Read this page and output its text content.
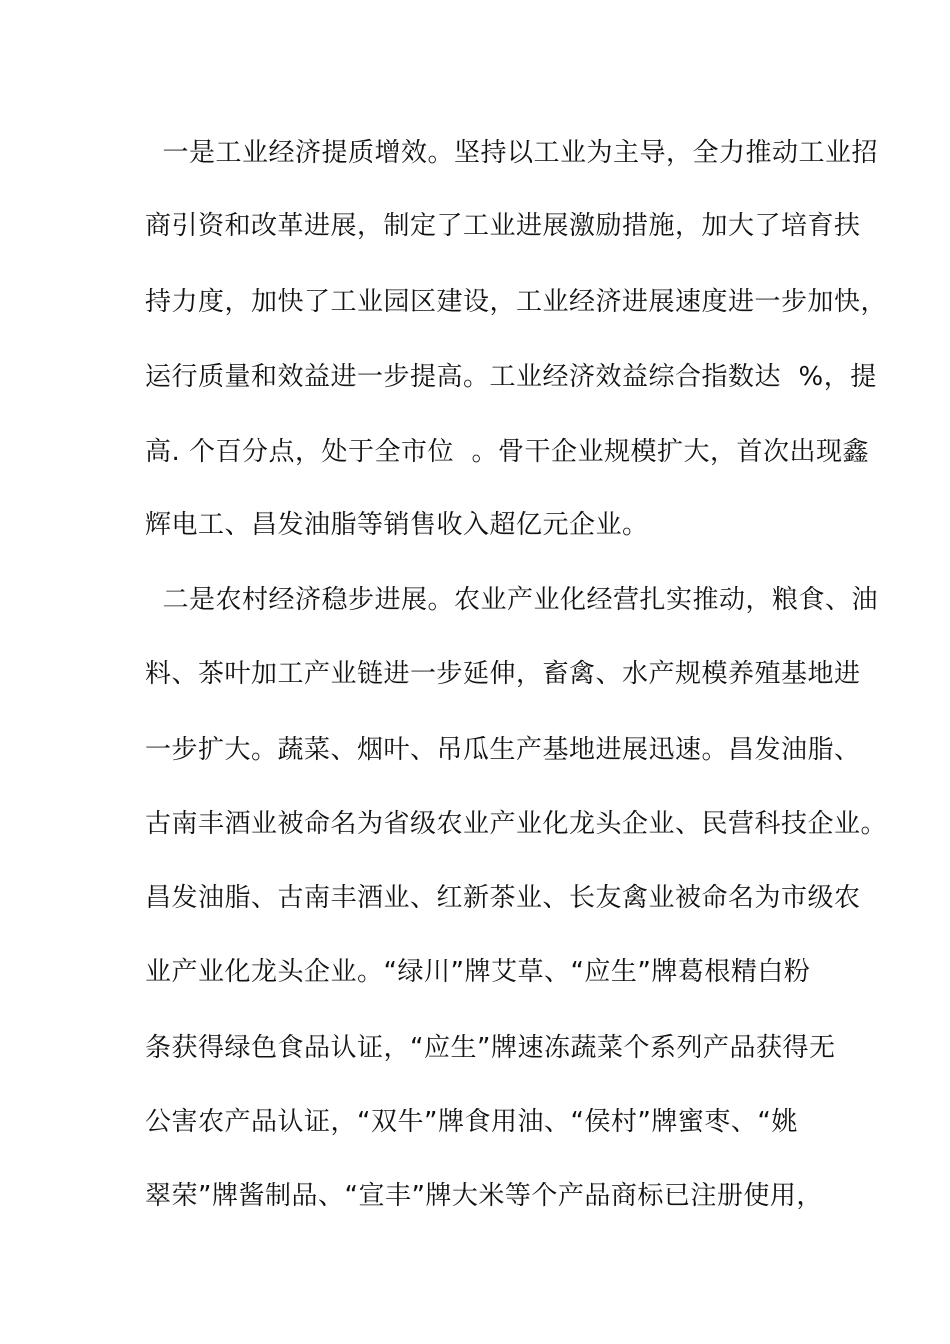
一是工业经济提质增效。坚持以工业为主导，全力推动工业招
商引资和改革进展，制定了工业进展激励措施，加大了培育扶
持力度，加快了工业园区建设，工业经济进展速度进一步加快，
运行质量和效益进一步提高。工业经济效益综合指数达  %，提
高. 个百分点，处于全市位  。骨干企业规模扩大，首次出现鑫
辉电工、昌发油脂等销售收入超亿元企业。
二是农村经济稳步进展。农业产业化经营扎实推动，粮食、油
料、茶叶加工产业链进一步延伸，畜禽、水产规模养殖基地进
一步扩大。蔬菜、烟叶、吊瓜生产基地进展迅速。昌发油脂、
古南丰酒业被命名为省级农业产业化龙头企业、民营科技企业。
昌发油脂、古南丰酒业、红新茶业、长友禽业被命名为市级农
业产业化龙头企业。“绿川”牌艾草、“应生”牌葛根精白粉
条获得绿色食品认证，“应生”牌速冻蔬菜个系列产品获得无
公害农产品认证，“双牛”牌食用油、“侯村”牌蜜枣、“姚
翠荣”牌酱制品、“宣丰”牌大米等个产品商标已注册使用，
